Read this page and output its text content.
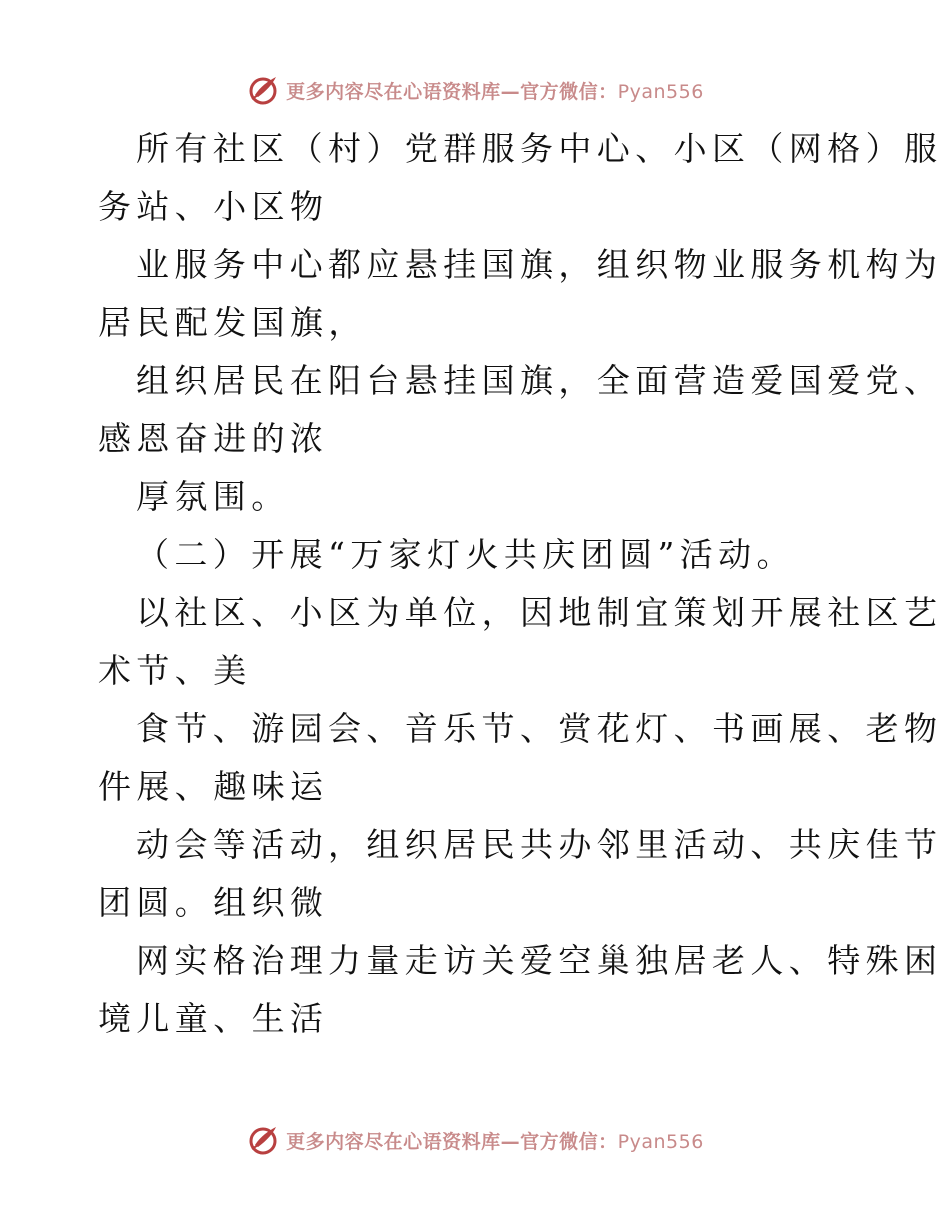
更多内容尽在心语资料库—官方微信：Pyan556
所有社区（村）党群服务中心、小区（网格）服
务站、小区物
业服务中心都应悬挂国旗，组织物业服务机构为
居民配发国旗，
组织居民在阳台悬挂国旗，全面营造爱国爱党、
感恩奋进的浓
厚氛围。
（二）开展“万家灯火共庆团圆”活动。
以社区、小区为单位，因地制宜策划开展社区艺
术节、美
食节、游园会、音乐节、赏花灯、书画展、老物
件展、趣味运
动会等活动，组织居民共办邻里活动、共庆佳节
团圆。组织微
网实格治理力量走访关爱空巢独居老人、特殊困
境儿童、生活
更多内容尽在心语资料库—官方微信：Pyan556
